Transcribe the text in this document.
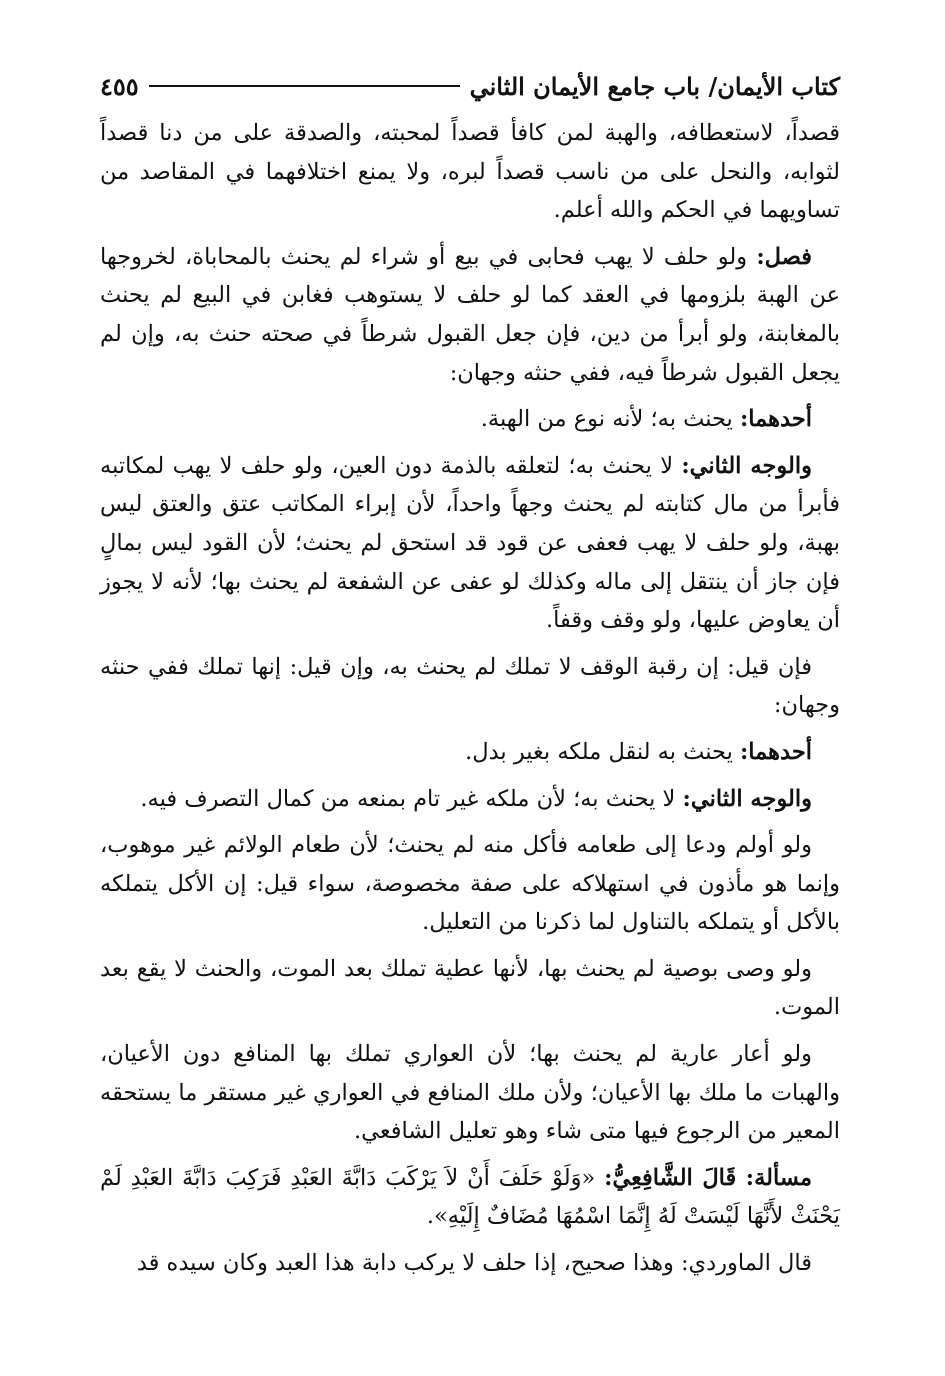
كتاب الأيمان/ باب جامع الأيمان الثاني
٤٥٥

قصداً، لاستعطافه، والهبة لمن كافأ قصداً لمحبته، والصدقة على من دنا قصداً لثوابه، والنحل على من ناسب قصداً لبره، ولا يمنع اختلافهما في المقاصد من تساويهما في الحكم والله أعلم.

فصل: ولو حلف لا يهب فحابى في بيع أو شراء لم يحنث بالمحاباة، لخروجها عن الهبة بلزومها في العقد كما لو حلف لا يستوهب فغابن في البيع لم يحنث بالمغابنة، ولو أبرأ من دين، فإن جعل القبول شرطاً في صحته حنث به، وإن لم يجعل القبول شرطاً فيه، ففي حنثه وجهان:

أحدهما: يحنث به؛ لأنه نوع من الهبة.

والوجه الثاني: لا يحنث به؛ لتعلقه بالذمة دون العين، ولو حلف لا يهب لمكاتبه فأبرأ من مال كتابته لم يحنث وجهاً واحداً، لأن إبراء المكاتب عتق والعتق ليس بهبة، ولو حلف لا يهب فعفى عن قود قد استحق لم يحنث؛ لأن القود ليس بمالٍ فإن جاز أن ينتقل إلى ماله وكذلك لو عفى عن الشفعة لم يحنث بها؛ لأنه لا يجوز أن يعاوض عليها، ولو وقف وقفاً.

فإن قيل: إن رقبة الوقف لا تملك لم يحنث به، وإن قيل: إنها تملك ففي حنثه وجهان:

أحدهما: يحنث به لنقل ملكه بغير بدل.

والوجه الثاني: لا يحنث به؛ لأن ملكه غير تام بمنعه من كمال التصرف فيه.

ولو أولم ودعا إلى طعامه فأكل منه لم يحنث؛ لأن طعام الولائم غير موهوب، وإنما هو مأذون في استهلاكه على صفة مخصوصة، سواء قيل: إن الأكل يتملكه بالأكل أو يتملكه بالتناول لما ذكرنا من التعليل.

ولو وصى بوصية لم يحنث بها، لأنها عطية تملك بعد الموت، والحنث لا يقع بعد الموت.

ولو أعار عارية لم يحنث بها؛ لأن العواري تملك بها المنافع دون الأعيان، والهبات ما ملك بها الأعيان؛ ولأن ملك المنافع في العواري غير مستقر ما يستحقه المعير من الرجوع فيها متى شاء وهو تعليل الشافعي.

مسألة: قَالَ الشَّافِعِيُّ: «وَلَوْ حَلَفَ أَنْ لاَ يَرْكَبَ دَابَّةَ العَبْدِ فَرَكِبَ دَابَّةَ العَبْدِ لَمْ يَحْنَثْ لأَنَّهَا لَيْسَتْ لَهُ إِنَّمَا اسْمُهَا مُضَافٌ إِلَيْهِ».

قال الماوردي: وهذا صحيح، إذا حلف لا يركب دابة هذا العبد وكان سيده قد
